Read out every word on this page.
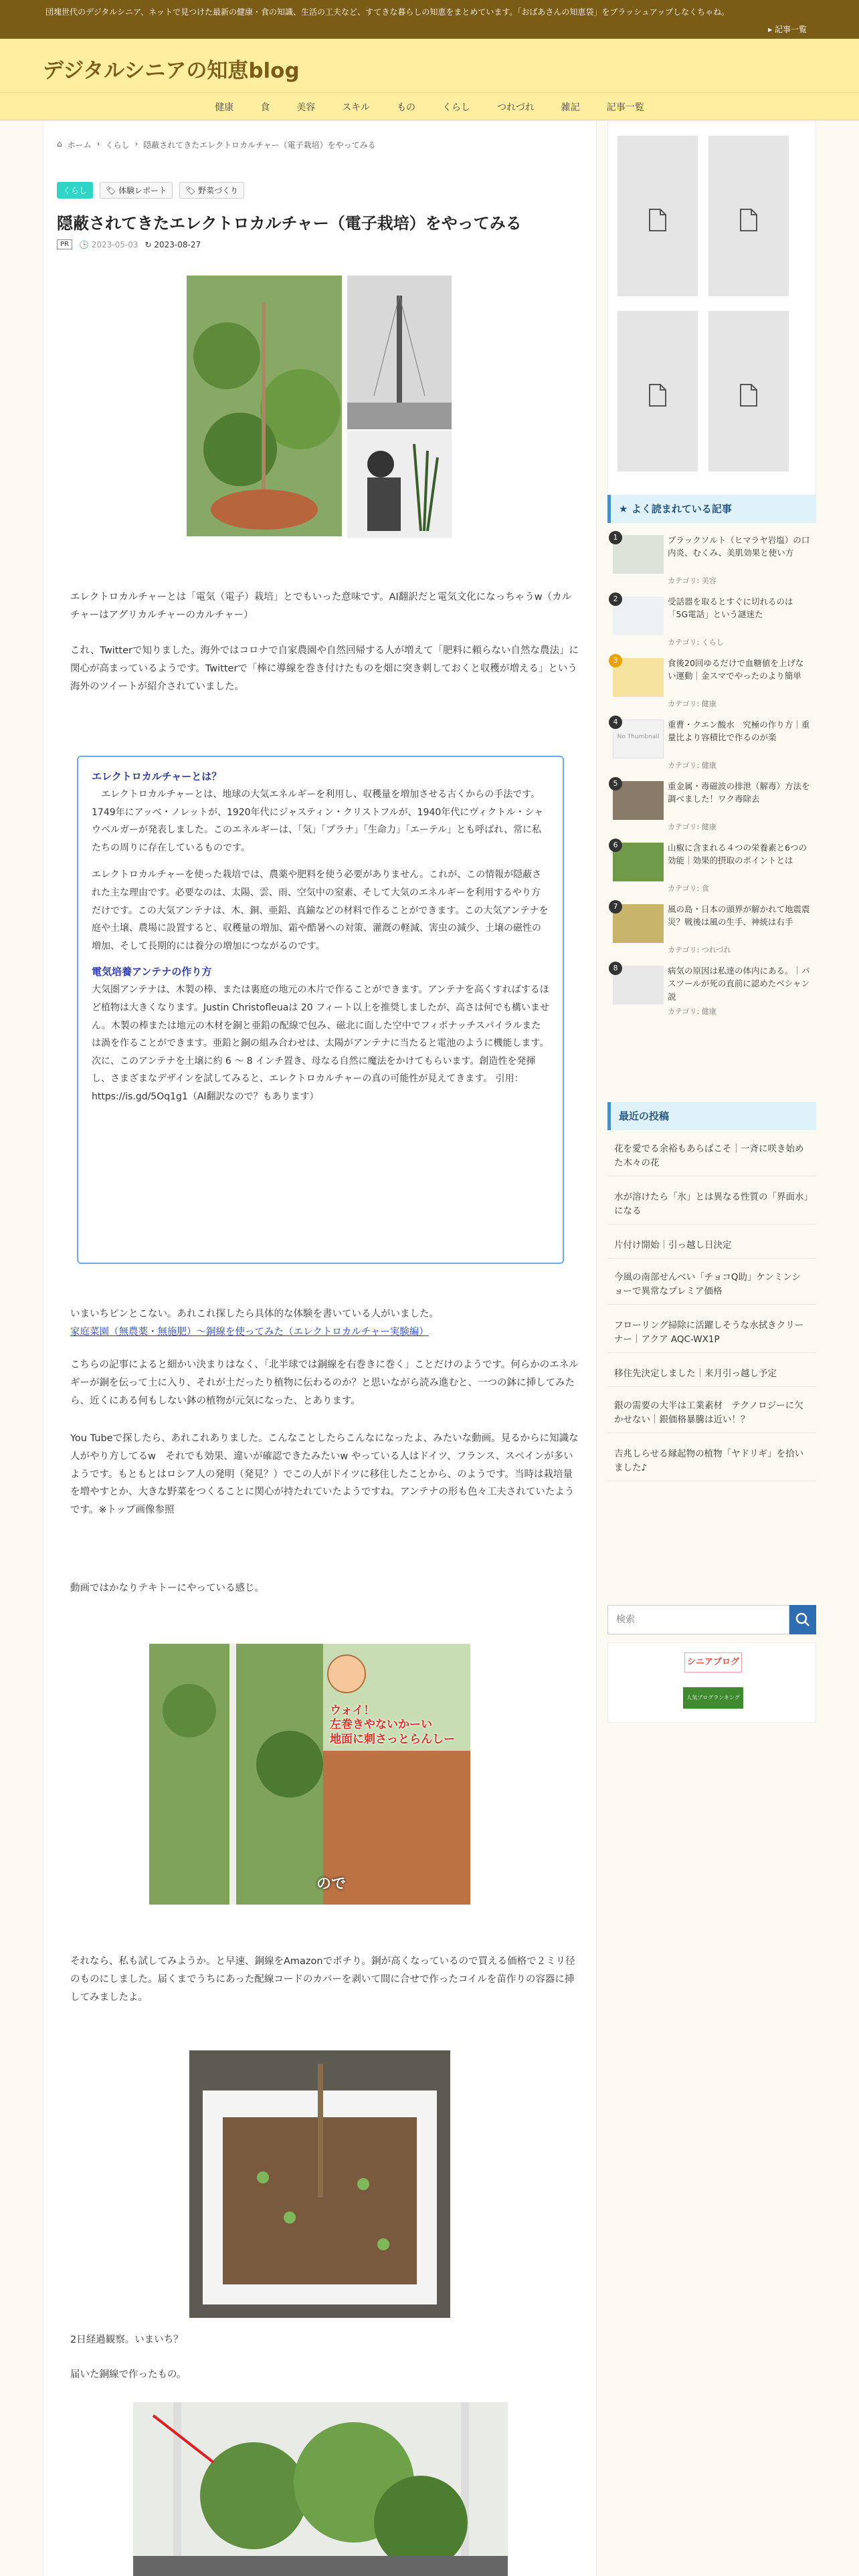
団塊世代のデジタルシニア、ネットで見つけた最新の健康・食の知識、生活の工夫など、すてきな暮らしの知恵をまとめています。「おばあさんの知恵袋」をブラッシュアップしなくちゃね。
▸ 記事一覧
デジタルシニアの知恵blog
健康	食	美容	スキル	もの	くらし	つれづれ	雑記	記事一覧
⌂ ホーム › くらし › 隠蔽されてきたエレクトロカルチャー（電子栽培）をやってみる
くらし	🏷 体験レポート	🏷 野菜づくり
隠蔽されてきたエレクトロカルチャー（電子栽培）をやってみる
PR	🕒 2023-05-03 ↻ 2023-08-27

エレクトロカルチャーとは「電気（電子）栽培」とでもいった意味です。AI翻訳だと電気文化になっちゃうw（カルチャーはアグリカルチャーのカルチャー）

これ、Twitterで知りました。海外ではコロナで自家農園や自然回帰する人が増えて「肥料に頼らない自然な農法」に関心が高まっているようです。Twitterで「棒に導線を巻き付けたものを畑に突き刺しておくと収穫が増える」という海外のツイートが紹介されていました。

エレクトロカルチャーとは？

エレクトロカルチャーとは、地球の大気エネルギーを利用し、収穫量を増加させる古くからの手法です。1749年にアッベ・ノレットが、1920年代にジャスティン・クリストフルが、1940年代にヴィクトル・シャウベルガーが発表しました。このエネルギーは、「気」「プラナ」「生命力」「エーテル」とも呼ばれ、常に私たちの周りに存在しているものです。

エレクトロカルチャーを使った栽培では、農薬や肥料を使う必要がありません。これが、この情報が隠蔽された主な理由です。必要なのは、太陽、雲、雨、空気中の窒素、そして大気のエネルギーを利用するやり方だけです。この大気アンテナは、木、銅、亜鉛、真鍮などの材料で作ることができます。この大気アンテナを庭や土壌、農場に設置すると、収穫量の増加、霜や酷暑への対策、灌漑の軽減、害虫の減少、土壌の磁性の増加、そして長期的には養分の増加につながるのです。

電気培養アンテナの作り方

大気圏アンテナは、木製の棒、または裏庭の地元の木片で作ることができます。アンテナを高くすればするほど植物は大きくなります。Justin Christofleuaは 20 フィート以上を推奨しましたが、高さは何でも構いません。木製の棒または地元の木材を銅と亜鉛の配線で包み、磁北に面した空中でフィボナッチスパイラルまたは渦を作ることができます。亜鉛と銅の組み合わせは、太陽がアンテナに当たると電池のように機能します。次に、このアンテナを土壌に約 6 ～ 8 インチ置き、母なる自然に魔法をかけてもらいます。創造性を発揮し、さまざまなデザインを試してみると、エレクトロカルチャーの真の可能性が見えてきます。 引用：https://is.gd/5Oq1g1（AI翻訳なので？もあります）

いまいちピンとこない。あれこれ探したら具体的な体験を書いている人がいました。
家庭菜園（無農薬・無施肥）～銅線を使ってみた（エレクトロカルチャー実験編）

こちらの記事によると細かい決まりはなく、「北半球では銅線を右巻きに巻く」ことだけのようです。何らかのエネルギーが銅を伝って土に入り、それが土だったり植物に伝わるのか？と思いながら読み進むと、一つの鉢に挿してみたら、近くにある何もしない鉢の植物が元気になった、とあります。

You Tubeで探したら、あれこれありました。こんなことしたらこんなになったよ、みたいな動画。見るからに知識な人がやり方してるw　それでも効果、違いが確認できたみたいw やっている人はドイツ、フランス、スペインが多いようです。もともとはロシア人の発明（発見？）でこの人がドイツに移住したことから、のようです。当時は栽培量を増やすとか、大きな野菜をつくることに関心が持たれていたようですね。アンテナの形も色々工夫されていたようです。※トップ画像参照

動画ではかなりテキトーにやっている感じ。

ウォイ！
左巻きやないかーい
地面に刺さっとらんしー
ので

それなら、私も試してみようか。と早速、銅線をAmazonでポチり。銅が高くなっているので買える価格で２ミリ径のものにしました。届くまでうちにあった配線コードのカバーを剥いて間に合せで作ったコイルを苗作りの容器に挿してみましたよ。

2日経過観察。いまいち？

届いた銅線で作ったもの。

★ よく読まれている記事
1	ブラックソルト（ヒマラヤ岩塩）の口内炎、むくみ、美肌効果と使い方
カテゴリ: 美容
2	受話器を取るとすぐに切れるのは「5G電話」という謎迷た
カテゴリ: くらし
3	食後20回ゆるだけで血糖値を上げない運動｜金スマでやったのより簡単
カテゴリ: 健康
No Thumbnail
4	重曹・クエン酸水　究極の作り方｜重量比より容積比で作るのが楽
カテゴリ: 健康
5	重金属・毒磁波の排泄（解毒）方法を調べました！ワク毒除去
カテゴリ: 健康
6	山椒に含まれる４つの栄養素と6つの効能｜効果的摂取のポイントとは
カテゴリ: 食
7	風の島・日本の頭界が解かれて地震震災？戦後は風の生手、神統は右手
カテゴリ: つれづれ
8	病気の原因は私達の体内にある。｜パスツールが死の直前に認めたベシャン説
カテゴリ: 健康
最近の投稿
花を愛でる余裕もあらばこそ｜一斉に咲き始めた木々の花
水が溶けたら「氷」とは異なる性質の「界面水」になる
片付け開始｜引っ越し日決定
今風の南部せんべい「チョコQ助」ケンミンショーで異常なプレミア価格
フローリング掃除に活躍しそうな水拭きクリーナー｜アクア AQC-WX1P
移住先決定しました｜来月引っ越し予定
銀の需要の大半は工業素材　テクノロジーに欠かせない｜銀価格暴騰は近い！？
吉兆しらせる縁起物の植物「ヤドリギ」を拾いました♪
検索
シニアブログ
人気ブログランキング
